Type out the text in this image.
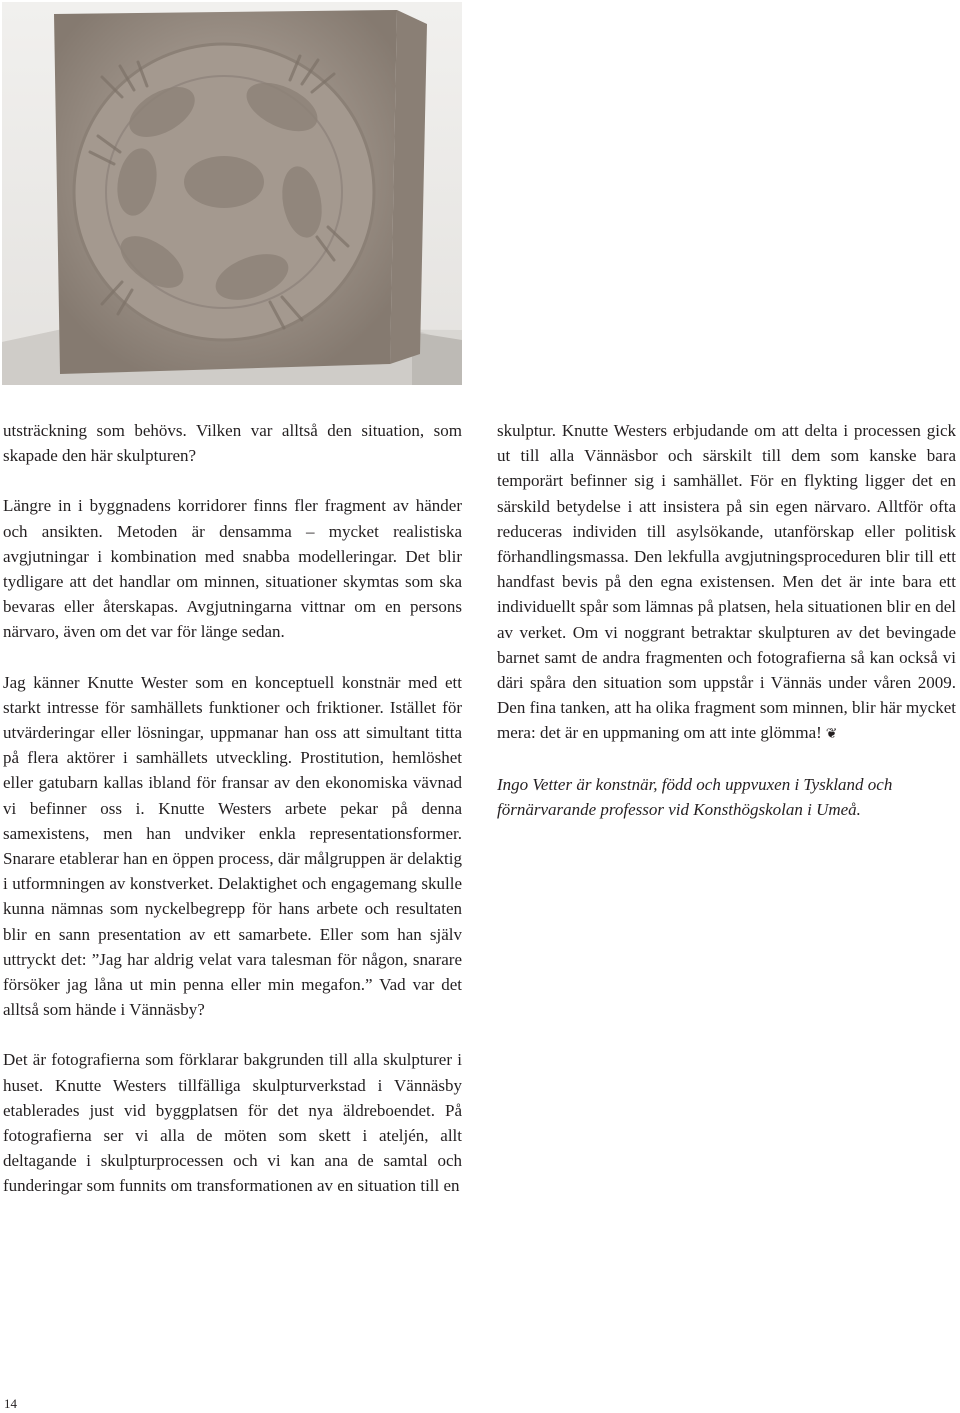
utsträckning som behövs. Vilken var alltså den situation, som skapade den här skulpturen?

Längre in i byggnadens korridorer finns fler fragment av händer och ansikten. Metoden är densamma – mycket realistiska avgjutningar i kombination med snabba modelleringar. Det blir tydligare att det handlar om minnen, situationer skymtas som ska bevaras eller återskapas. Avgjutningarna vittnar om en persons närvaro, även om det var för länge sedan.

Jag känner Knutte Wester som en konceptuell konstnär med ett starkt intresse för samhällets funktioner och friktioner. Istället för utvärderingar eller lösningar, uppmanar han oss att simultant titta på flera aktörer i samhällets utveckling. Prostitution, hemlöshet eller gatubarn kallas ibland för fransar av den ekonomiska vävnad vi befinner oss i. Knutte Westers arbete pekar på denna samexistens, men han undviker enkla representationsformer. Snarare etablerar han en öppen process, där målgruppen är delaktig i utformningen av konstverket. Delaktighet och engagemang skulle kunna nämnas som nyckelbegrepp för hans arbete och resultaten blir en sann presentation av ett samarbete. Eller som han själv uttryckt det: ”Jag har aldrig velat vara talesman för någon, snarare försöker jag låna ut min penna eller min megafon.” Vad var det alltså som hände i Vännäsby?

Det är fotografierna som förklarar bakgrunden till alla skulpturer i huset. Knutte Westers tillfälliga skulpturverkstad i Vännäsby etablerades just vid byggplatsen för det nya äldreboendet. På fotografierna ser vi alla de möten som skett i ateljén, allt deltagande i skulpturprocessen och vi kan ana de samtal och funderingar som funnits om transformationen av en situation till en

skulptur. Knutte Westers erbjudande om att delta i processen gick ut till alla Vännäsbor och särskilt till dem som kanske bara temporärt befinner sig i samhället. För en flykting ligger det en särskild betydelse i att insistera på sin egen närvaro. Alltför ofta reduceras individen till asylsökande, utanförskap eller politisk förhandlingsmassa. Den lekfulla avgjutningsproceduren blir till ett handfast bevis på den egna existensen. Men det är inte bara ett individuellt spår som lämnas på platsen, hela situationen blir en del av verket. Om vi noggrant betraktar skulpturen av det bevingade barnet samt de andra fragmenten och fotografierna så kan också vi däri spåra den situation som uppstår i Vännäs under våren 2009. Den fina tanken, att ha olika fragment som minnen, blir här mycket mera: det är en uppmaning om att inte glömma! ❦

Ingo Vetter är konstnär, född och uppvuxen i Tyskland och förnärvarande professor vid Konsthögskolan i Umeå.

14
